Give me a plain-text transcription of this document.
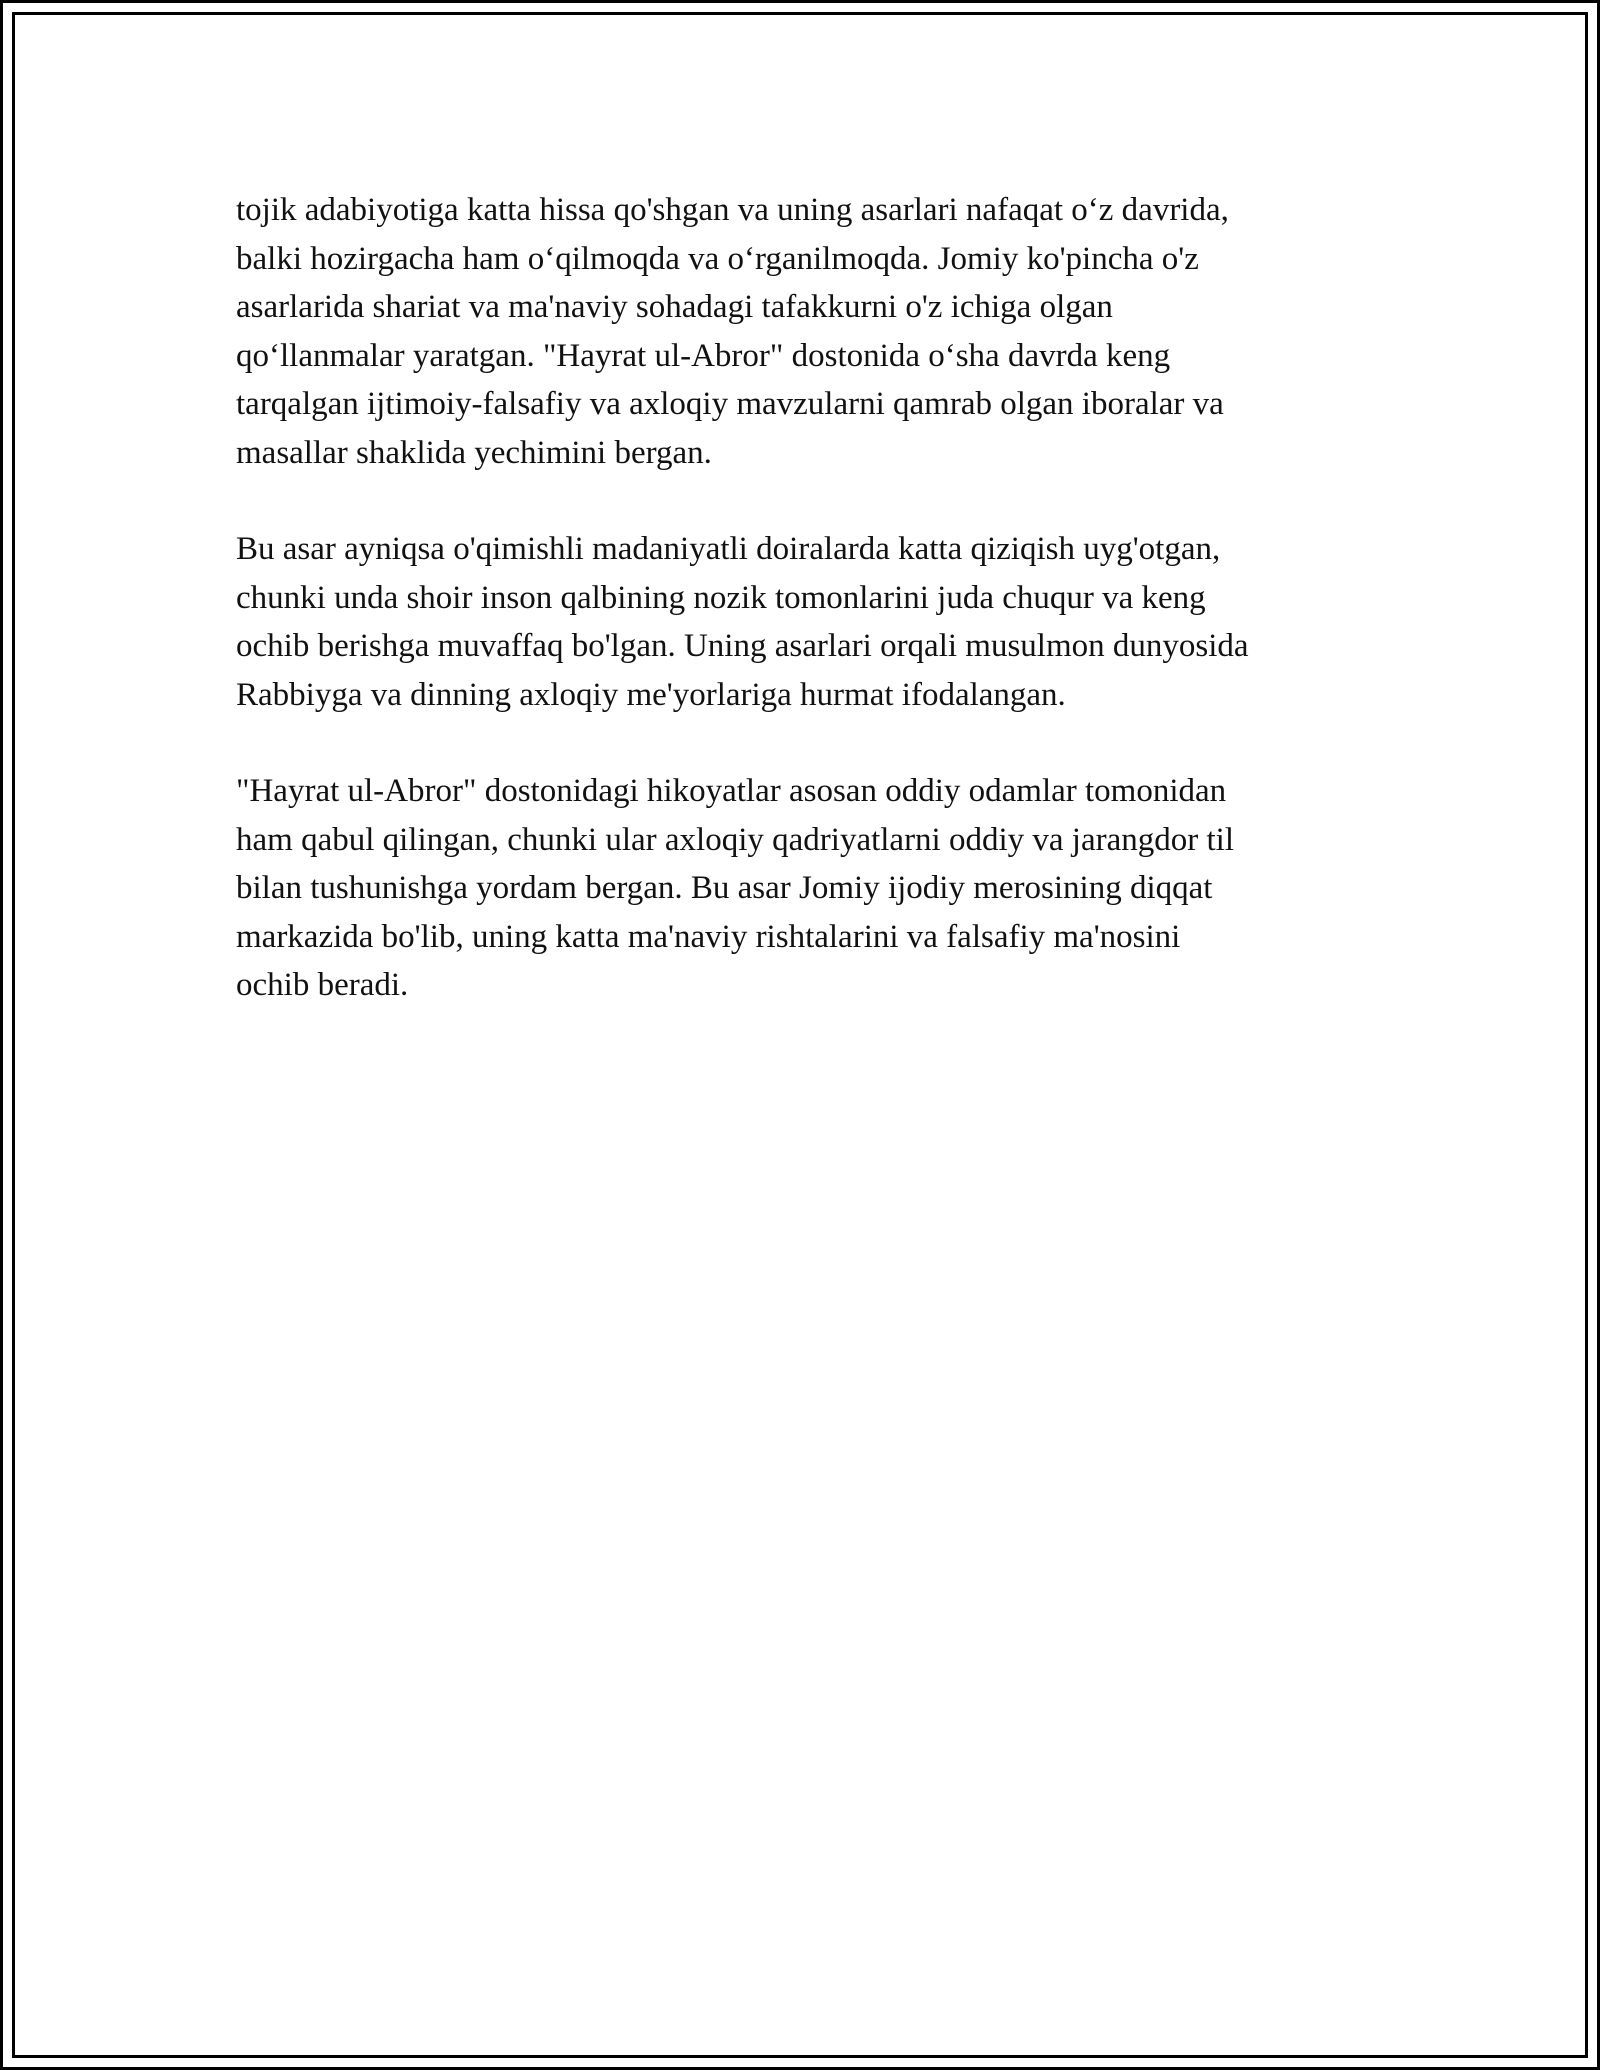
tojik adabiyotiga katta hissa qo'shgan va uning asarlari nafaqat o‘z davrida,
balki hozirgacha ham o‘qilmoqda va o‘rganilmoqda. Jomiy ko'pincha o'z
asarlarida shariat va ma'naviy sohadagi tafakkurni o'z ichiga olgan
qo‘llanmalar yaratgan. "Hayrat ul-Abror" dostonida o‘sha davrda keng
tarqalgan ijtimoiy-falsafiy va axloqiy mavzularni qamrab olgan iboralar va
masallar shaklida yechimini bergan.

Bu asar ayniqsa o'qimishli madaniyatli doiralarda katta qiziqish uyg'otgan,
chunki unda shoir inson qalbining nozik tomonlarini juda chuqur va keng
ochib berishga muvaffaq bo'lgan. Uning asarlari orqali musulmon dunyosida
Rabbiyga va dinning axloqiy me'yorlariga hurmat ifodalangan.

"Hayrat ul-Abror" dostonidagi hikoyatlar asosan oddiy odamlar tomonidan
ham qabul qilingan, chunki ular axloqiy qadriyatlarni oddiy va jarangdor til
bilan tushunishga yordam bergan. Bu asar Jomiy ijodiy merosining diqqat
markazida bo'lib, uning katta ma'naviy rishtalarini va falsafiy ma'nosini
ochib beradi.
